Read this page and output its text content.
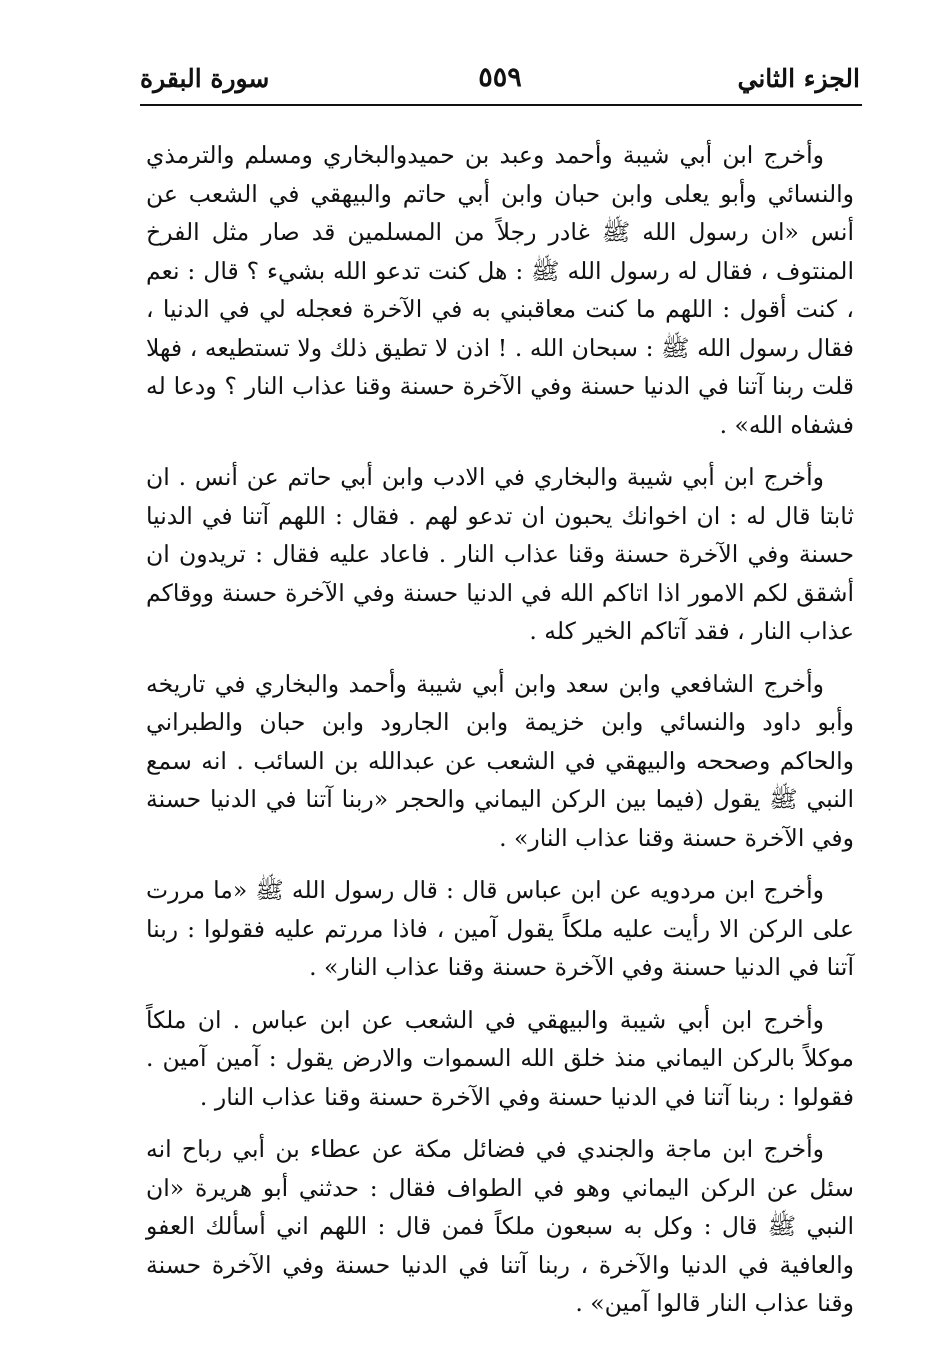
الجزء الثاني
٥٥٩
سورة البقرة

وأخرج ابن أبي شيبة وأحمد وعبد بن حميدوالبخاري ومسلم والترمذي والنسائي وأبو يعلى وابن حبان وابن أبي حاتم والبيهقي في الشعب عن أنس «ان رسول الله ﷺ غادر رجلاً من المسلمين قد صار مثل الفرخ المنتوف ، فقال له رسول الله ﷺ : هل كنت تدعو الله بشيء ؟ قال : نعم ، كنت أقول : اللهم ما كنت معاقبني به في الآخرة فعجله لي في الدنيا ، فقال رسول الله ﷺ : سبحان الله . ! اذن لا تطيق ذلك ولا تستطيعه ، فهلا قلت ربنا آتنا في الدنيا حسنة وفي الآخرة حسنة وقنا عذاب النار ؟ ودعا له فشفاه الله» .

وأخرج ابن أبي شيبة والبخاري في الادب وابن أبي حاتم عن أنس . ان ثابتا قال له : ان اخوانك يحبون ان تدعو لهم . فقال : اللهم آتنا في الدنيا حسنة وفي الآخرة حسنة وقنا عذاب النار . فاعاد عليه فقال : تريدون ان أشقق لكم الامور اذا اتاكم الله في الدنيا حسنة وفي الآخرة حسنة ووقاكم عذاب النار ، فقد آتاكم الخير كله .

وأخرج الشافعي وابن سعد وابن أبي شيبة وأحمد والبخاري في تاريخه وأبو داود والنسائي وابن خزيمة وابن الجارود وابن حبان والطبراني والحاكم وصححه والبيهقي في الشعب عن عبدالله بن السائب . انه سمع النبي ﷺ يقول (فيما بين الركن اليماني والحجر «ربنا آتنا في الدنيا حسنة وفي الآخرة حسنة وقنا عذاب النار» .

وأخرج ابن مردويه عن ابن عباس قال : قال رسول الله ﷺ «ما مررت على الركن الا رأيت عليه ملكاً يقول آمين ، فاذا مررتم عليه فقولوا : ربنا آتنا في الدنيا حسنة وفي الآخرة حسنة وقنا عذاب النار» .

وأخرج ابن أبي شيبة والبيهقي في الشعب عن ابن عباس . ان ملكاً موكلاً بالركن اليماني منذ خلق الله السموات والارض يقول : آمين آمين . فقولوا : ربنا آتنا في الدنيا حسنة وفي الآخرة حسنة وقنا عذاب النار .

وأخرج ابن ماجة والجندي في فضائل مكة عن عطاء بن أبي رباح انه سئل عن الركن اليماني وهو في الطواف فقال : حدثني أبو هريرة «ان النبي ﷺ قال : وكل به سبعون ملكاً فمن قال : اللهم اني أسألك العفو والعافية في الدنيا والآخرة ، ربنا آتنا في الدنيا حسنة وفي الآخرة حسنة وقنا عذاب النار قالوا آمين» .
